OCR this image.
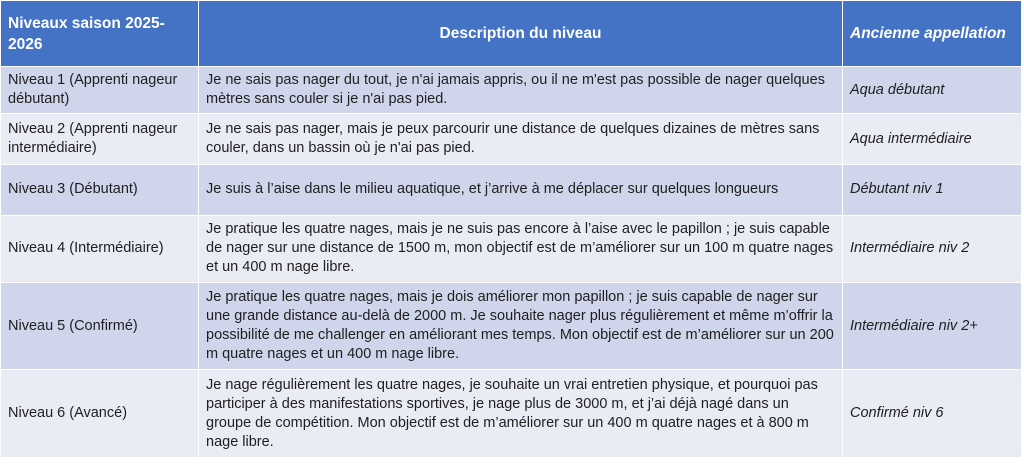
Niveaux saison 2025-2026	Description du niveau	Ancienne appellation
Niveau 1 (Apprenti nageur débutant)	Je ne sais pas nager du tout, je n'ai jamais appris, ou il ne m'est pas possible de nager quelques mètres sans couler si je n'ai pas pied.	Aqua débutant
Niveau 2 (Apprenti nageur intermédiaire)	Je ne sais pas nager, mais je peux parcourir une distance de quelques dizaines de mètres sans couler, dans un bassin où je n'ai pas pied.	Aqua intermédiaire
Niveau 3 (Débutant)	Je suis à l’aise dans le milieu aquatique, et j’arrive à me déplacer sur quelques longueurs	Débutant niv 1
Niveau 4 (Intermédiaire)	Je pratique les quatre nages, mais je ne suis pas encore à l’aise avec le papillon ; je suis capable de nager sur une distance de 1500 m, mon objectif est de m’améliorer sur un 100 m quatre nages et un 400 m nage libre.	Intermédiaire niv 2
Niveau 5 (Confirmé)	Je pratique les quatre nages, mais je dois améliorer mon papillon ; je suis capable de nager sur une grande distance au-delà de 2000 m. Je souhaite nager plus régulièrement et même m’offrir la possibilité de me challenger en améliorant mes temps. Mon objectif est de m’améliorer sur un 200 m quatre nages et un 400 m nage libre.	Intermédiaire niv 2+
Niveau 6 (Avancé)	Je nage régulièrement les quatre nages, je souhaite un vrai entretien physique, et pourquoi pas participer à des manifestations sportives, je nage plus de 3000 m, et j’ai déjà nagé dans un groupe de compétition. Mon objectif est de m’améliorer sur un 400 m quatre nages et à 800 m nage libre.	Confirmé niv 6
